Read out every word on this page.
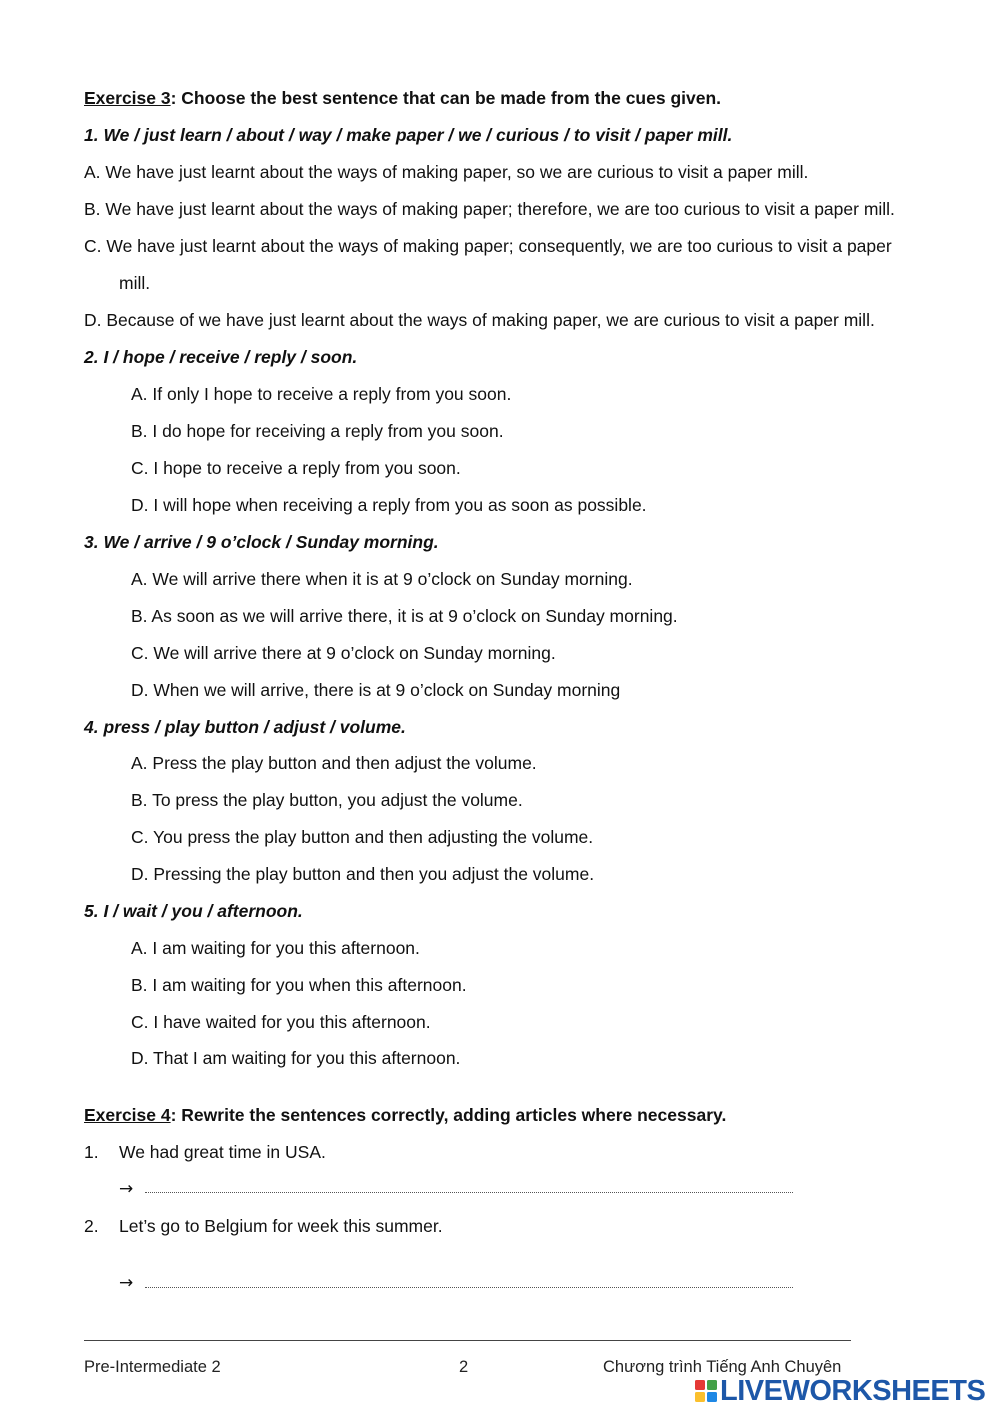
Exercise 3: Choose the best sentence that can be made from the cues given.
1. We / just learn / about / way / make paper / we / curious / to visit / paper mill.
A. We have just learnt about the ways of making paper, so we are curious to visit a paper mill.
B. We have just learnt about the ways of making paper; therefore, we are too curious to visit a paper mill.
C. We have just learnt about the ways of making paper; consequently, we are too curious to visit a paper
mill.
D. Because of we have just learnt about the ways of making paper, we are curious to visit a paper mill.
2. I / hope / receive / reply / soon.
A. If only I hope to receive a reply from you soon.
B. I do hope for receiving a reply from you soon.
C. I hope to receive a reply from you soon.
D. I will hope when receiving a reply from you as soon as possible.
3. We / arrive / 9 o’clock / Sunday morning.
A. We will arrive there when it is at 9 o’clock on Sunday morning.
B. As soon as we will arrive there, it is at 9 o’clock on Sunday morning.
C. We will arrive there at 9 o’clock on Sunday morning.
D. When we will arrive, there is at 9 o’clock on Sunday morning
4. press / play button / adjust / volume.
A. Press the play button and then adjust the volume.
B. To press the play button, you adjust the volume.
C. You press the play button and then adjusting the volume.
D. Pressing the play button and then you adjust the volume.
5. I / wait / you / afternoon.
A. I am waiting for you this afternoon.
B. I am waiting for you when this afternoon.
C. I have waited for you this afternoon.
D. That I am waiting for you this afternoon.
Exercise 4: Rewrite the sentences correctly, adding articles where necessary.
1. We had great time in USA.
→
2. Let’s go to Belgium for week this summer.
→
Pre-Intermediate 2	2	Chương trình Tiếng Anh Chuyên
LIVEWORKSHEETS
